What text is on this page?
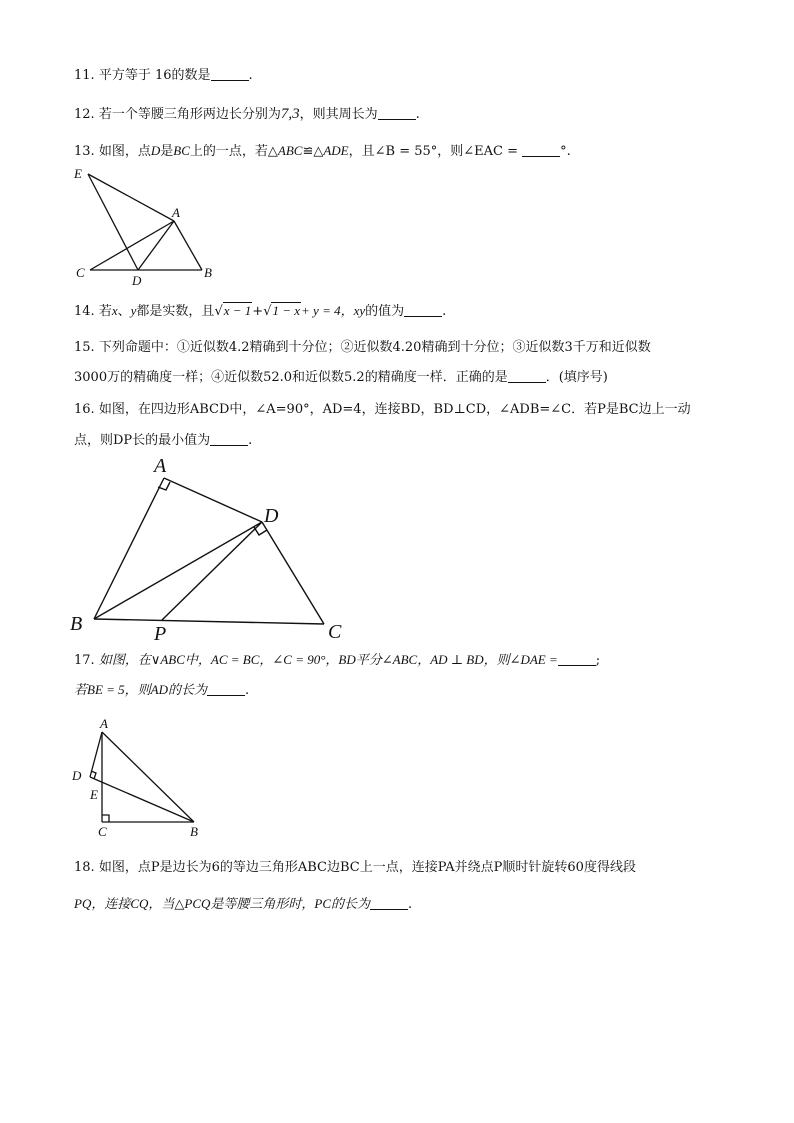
11. 平方等于 16的数是	.
12. 若一个等腰三角形两边长分别为7,3，则其周长为	.
13. 如图，点D是BC上的一点，若△ABC≌△ADE，且∠B = 55°，则∠EAC =	°.
E
A
C
D
B
14. 若x、y都是实数，且√x − 1+√1 − x+ y = 4，xy的值为	.
15. 下列命题中：①近似数4.2精确到十分位；②近似数4.20精确到十分位；③近似数3千万和近似数
3000万的精确度一样；④近似数52.0和近似数5.2的精确度一样．正确的是	．(填序号)
16. 如图，在四边形ABCD中，∠A=90°，AD=4，连接BD，BD⊥CD，∠ADB=∠C．若P是BC边上一动
点，则DP长的最小值为	.
A
D
B	P	C
17. 如图，在∨ABC中，AC = BC，∠C = 90°，BD平分∠ABC，AD ⊥ BD，则∠DAE =	;
若BE = 5，则AD的长为	.
A
D
E
C	B
18. 如图，点P是边长为6的等边三角形ABC边BC上一点，连接PA并绕点P顺时针旋转60度得线段
PQ，连接CQ，当△PCQ是等腰三角形时，PC的长为	.
